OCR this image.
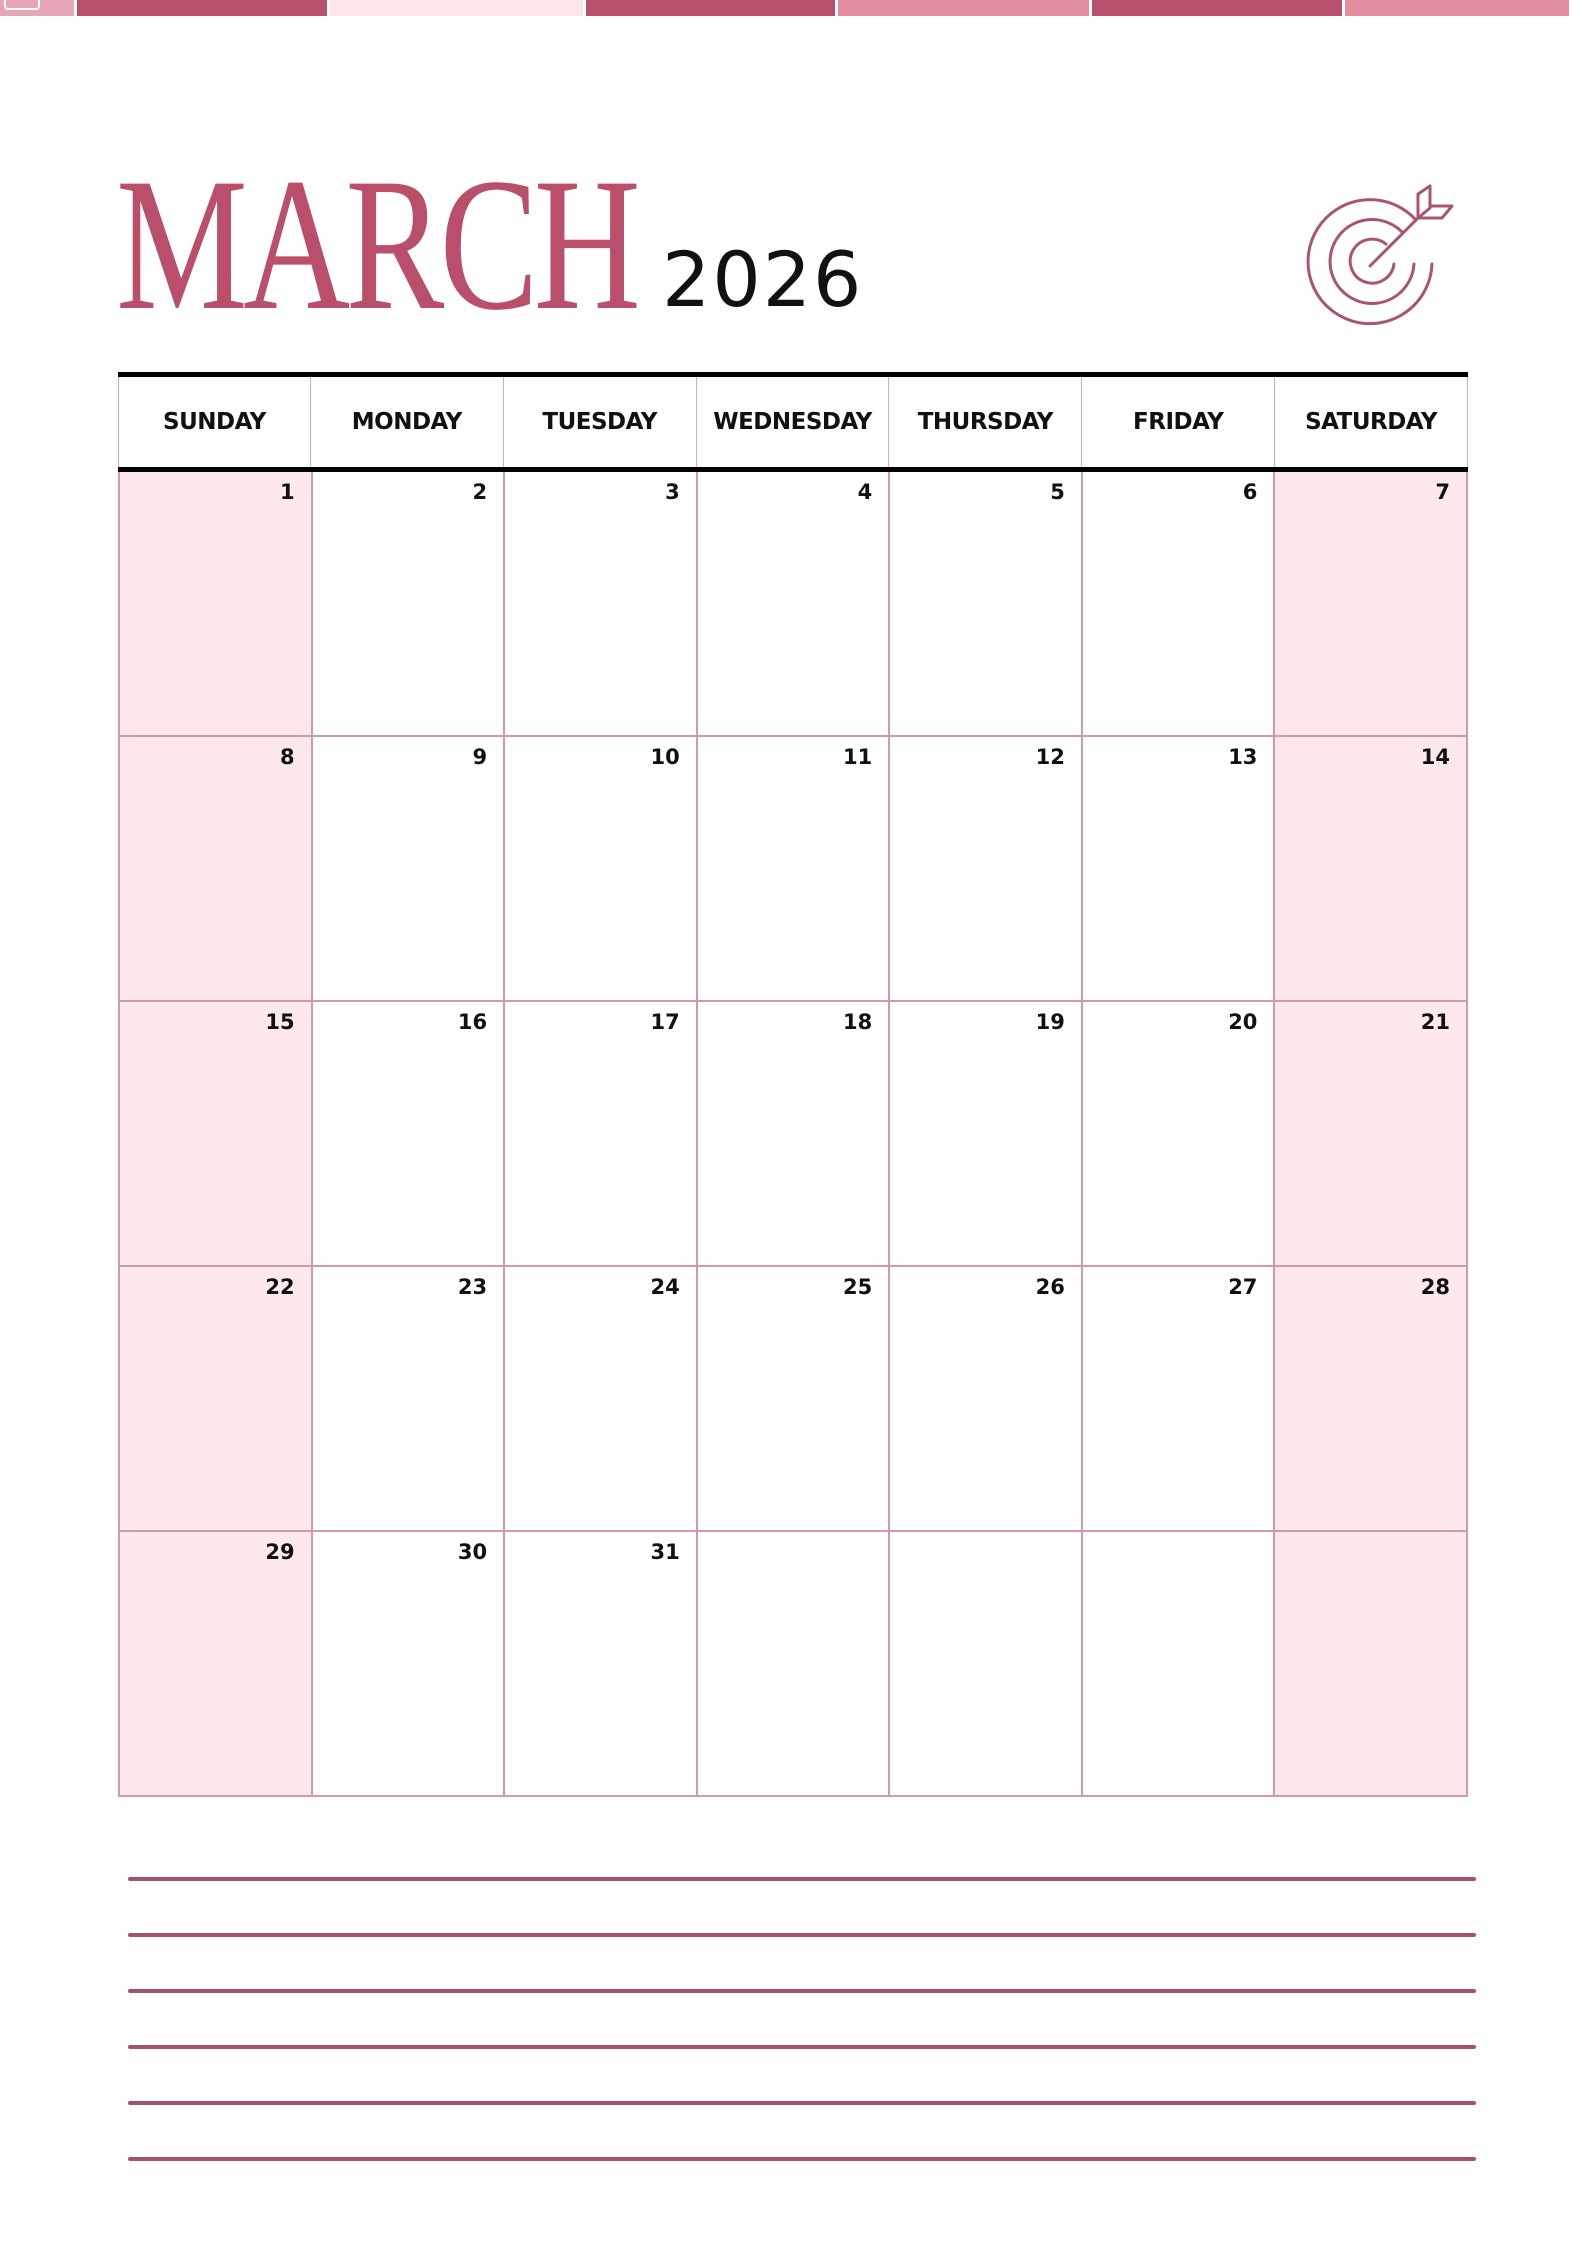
MARCH 2026
SUNDAY	MONDAY	TUESDAY	WEDNESDAY	THURSDAY	FRIDAY	SATURDAY
1	2	3	4	5	6	7
8	9	10	11	12	13	14
15	16	17	18	19	20	21
22	23	24	25	26	27	28
29	30	31
